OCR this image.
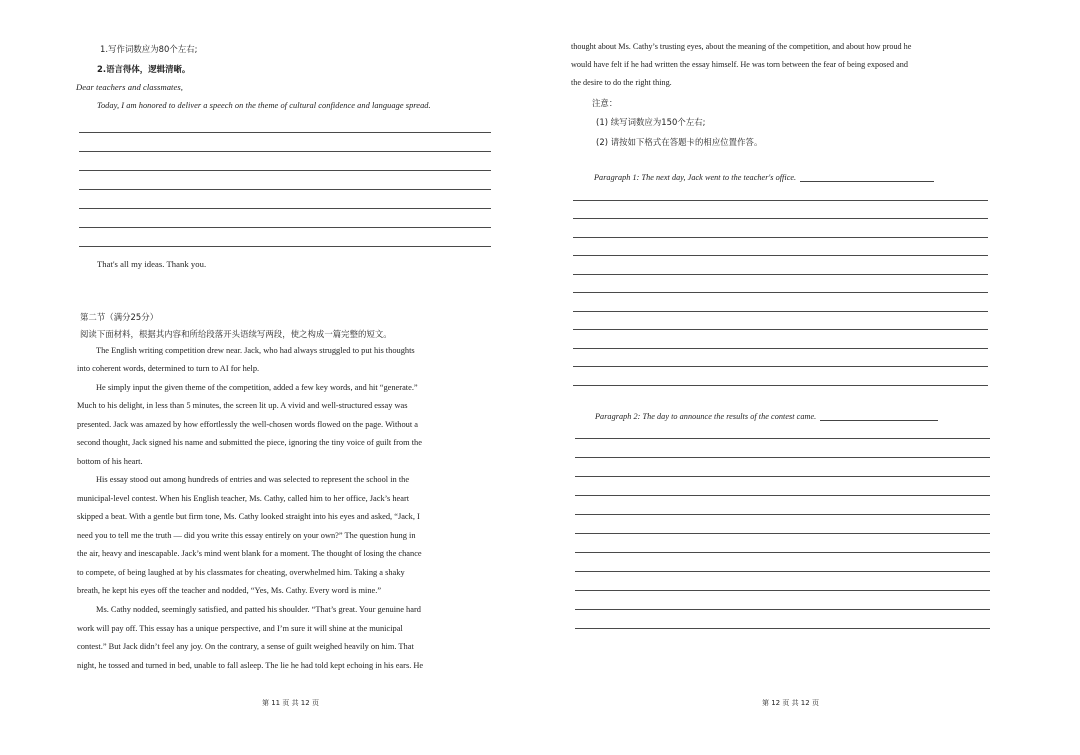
1.写作词数应为80个左右;
2.语言得体，逻辑清晰。
Dear teachers and classmates,
Today, I am honored to deliver a speech on the theme of cultural confidence and language spread.
That's all my ideas. Thank you.
第二节（满分25分）
阅读下面材料，根据其内容和所给段落开头语续写两段，使之构成一篇完整的短文。
The English writing competition drew near. Jack, who had always struggled to put his thoughts
into coherent words, determined to turn to AI for help.
He simply input the given theme of the competition, added a few key words, and hit “generate.”
Much to his delight, in less than 5 minutes, the screen lit up. A vivid and well-structured essay was
presented. Jack was amazed by how effortlessly the well-chosen words flowed on the page. Without a
second thought, Jack signed his name and submitted the piece, ignoring the tiny voice of guilt from the
bottom of his heart.
His essay stood out among hundreds of entries and was selected to represent the school in the
municipal-level contest. When his English teacher, Ms. Cathy, called him to her office, Jack’s heart
skipped a beat. With a gentle but firm tone, Ms. Cathy looked straight into his eyes and asked, “Jack, I
need you to tell me the truth — did you write this essay entirely on your own?” The question hung in
the air, heavy and inescapable. Jack’s mind went blank for a moment. The thought of losing the chance
to compete, of being laughed at by his classmates for cheating, overwhelmed him. Taking a shaky
breath, he kept his eyes off the teacher and nodded, “Yes, Ms. Cathy. Every word is mine.”
Ms. Cathy nodded, seemingly satisfied, and patted his shoulder. “That’s great. Your genuine hard
work will pay off. This essay has a unique perspective, and I’m sure it will shine at the municipal
contest.” But Jack didn’t feel any joy. On the contrary, a sense of guilt weighed heavily on him. That
night, he tossed and turned in bed, unable to fall asleep. The lie he had told kept echoing in his ears. He
第 11 页 共 12 页
thought about Ms. Cathy’s trusting eyes, about the meaning of the competition, and about how proud he
would have felt if he had written the essay himself. He was torn between the fear of being exposed and
the desire to do the right thing.
注意：
(1) 续写词数应为150个左右;
(2) 请按如下格式在答题卡的相应位置作答。
Paragraph 1: The next day, Jack went to the teacher's office.
Paragraph 2: The day to announce the results of the contest came.
第 12 页 共 12 页
